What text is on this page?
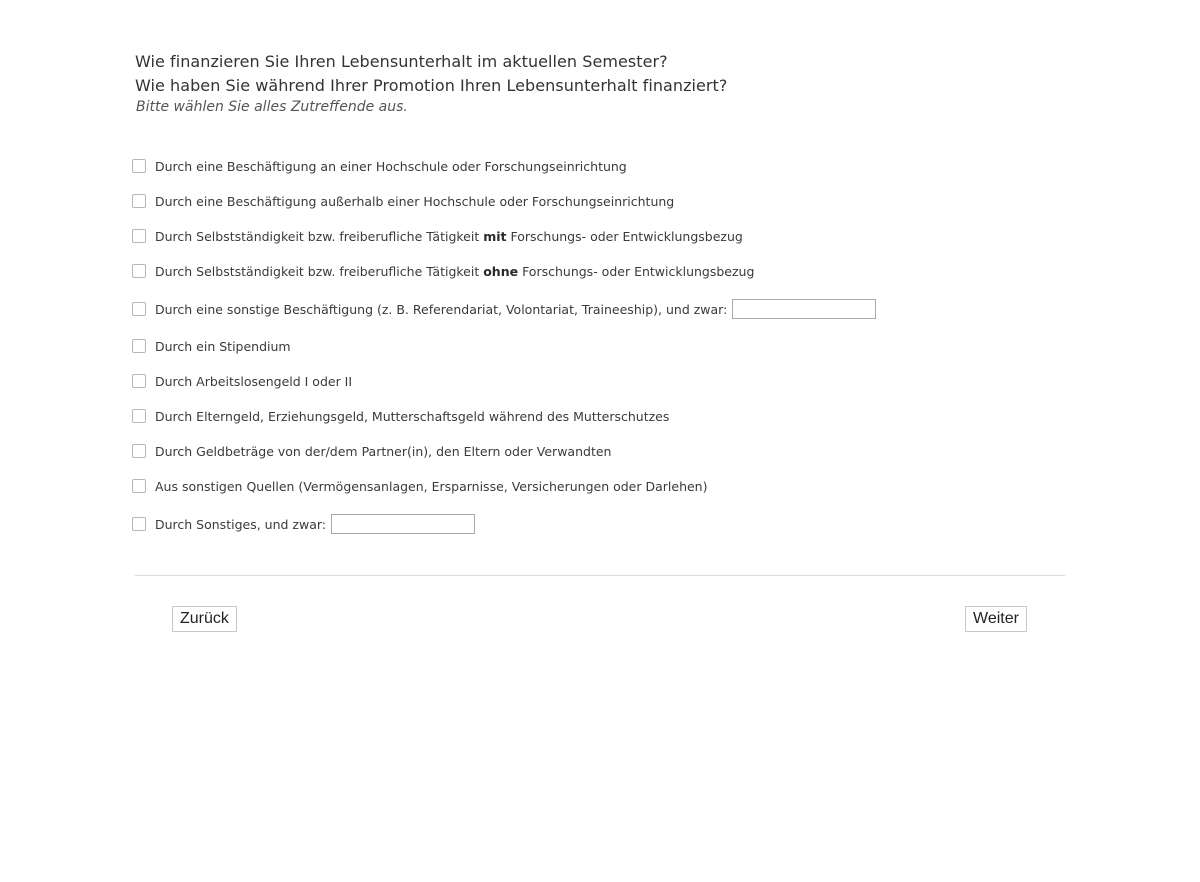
Wie finanzieren Sie Ihren Lebensunterhalt im aktuellen Semester?
Wie haben Sie während Ihrer Promotion Ihren Lebensunterhalt finanziert?
Bitte wählen Sie alles Zutreffende aus.
Durch eine Beschäftigung an einer Hochschule oder Forschungseinrichtung
Durch eine Beschäftigung außerhalb einer Hochschule oder Forschungseinrichtung
Durch Selbstständigkeit bzw. freiberufliche Tätigkeit mit Forschungs- oder Entwicklungsbezug
Durch Selbstständigkeit bzw. freiberufliche Tätigkeit ohne Forschungs- oder Entwicklungsbezug
Durch eine sonstige Beschäftigung (z. B. Referendariat, Volontariat, Traineeship), und zwar:
Durch ein Stipendium
Durch Arbeitslosengeld I oder II
Durch Elterngeld, Erziehungsgeld, Mutterschaftsgeld während des Mutterschutzes
Durch Geldbeträge von der/dem Partner(in), den Eltern oder Verwandten
Aus sonstigen Quellen (Vermögensanlagen, Ersparnisse, Versicherungen oder Darlehen)
Durch Sonstiges, und zwar:
Zurück	Weiter
